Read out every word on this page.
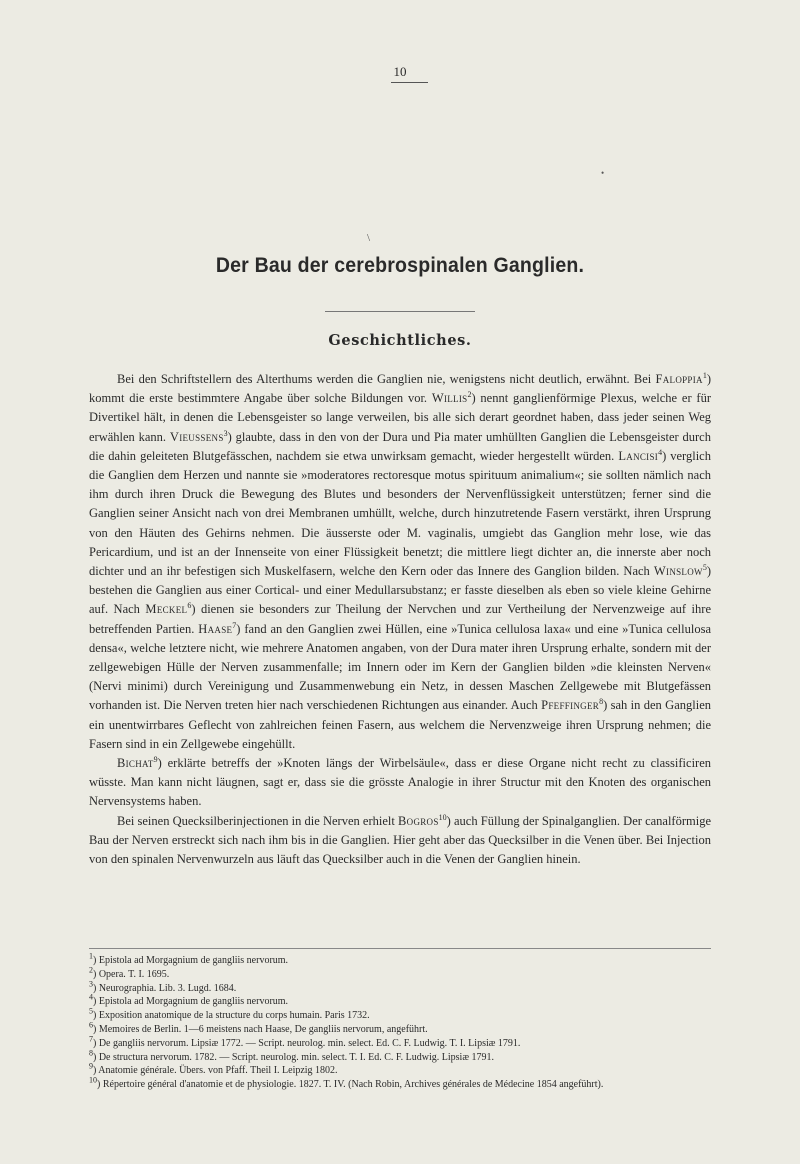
10
•
\
Der Bau der cerebrospinalen Ganglien.
Geschichtliches.

Bei den Schriftstellern des Alterthums werden die Ganglien nie, wenigstens nicht deutlich, erwähnt. Bei Faloppia$^1$) kommt die erste bestimmtere Angabe über solche Bildungen vor. Willis$^2$) nennt ganglienförmige Plexus, welche er für Divertikel hält, in denen die Lebensgeister so lange verweilen, bis alle sich derart geordnet haben, dass jeder seinen Weg erwählen kann. Vieussens$^3$) glaubte, dass in den von der Dura und Pia mater umhüllten Ganglien die Lebensgeister durch die dahin geleiteten Blutgefässchen, nachdem sie etwa unwirksam gemacht, wieder hergestellt würden. Lancisi$^4$) verglich die Ganglien dem Herzen und nannte sie »moderatores rectoresque motus spirituum animalium«; sie sollten nämlich nach ihm durch ihren Druck die Bewegung des Blutes und besonders der Nervenflüssigkeit unterstützen; ferner sind die Ganglien seiner Ansicht nach von drei Membranen umhüllt, welche, durch hinzutretende Fasern verstärkt, ihren Ursprung von den Häuten des Gehirns nehmen. Die äusserste oder M. vaginalis, umgiebt das Ganglion mehr lose, wie das Pericardium, und ist an der Innenseite von einer Flüssigkeit benetzt; die mittlere liegt dichter an, die innerste aber noch dichter und an ihr befestigen sich Muskelfasern, welche den Kern oder das Innere des Ganglion bilden. Nach Winslow$^5$) bestehen die Ganglien aus einer Cortical- und einer Medullarsubstanz; er fasste dieselben als eben so viele kleine Gehirne auf. Nach Meckel$^6$) dienen sie besonders zur Theilung der Nervchen und zur Vertheilung der Nervenzweige auf ihre betreffenden Partien. Haase$^7$) fand an den Ganglien zwei Hüllen, eine »Tunica cellulosa laxa« und eine »Tunica cellulosa densa«, welche letztere nicht, wie mehrere Anatomen angaben, von der Dura mater ihren Ursprung erhalte, sondern mit der zellgewebigen Hülle der Nerven zusammenfalle; im Innern oder im Kern der Ganglien bilden »die kleinsten Nerven« (Nervi minimi) durch Vereinigung und Zusammenwebung ein Netz, in dessen Maschen Zellgewebe mit Blutgefässen vorhanden ist. Die Nerven treten hier nach verschiedenen Richtungen aus einander. Auch Pfeffinger$^8$) sah in den Ganglien ein unentwirrbares Geflecht von zahlreichen feinen Fasern, aus welchem die Nervenzweige ihren Ursprung nehmen; die Fasern sind in ein Zellgewebe eingehüllt.

Bichat$^9$) erklärte betreffs der »Knoten längs der Wirbelsäule«, dass er diese Organe nicht recht zu classificiren wüsste. Man kann nicht läugnen, sagt er, dass sie die grösste Analogie in ihrer Structur mit den Knoten des organischen Nervensystems haben.

Bei seinen Quecksilberinjectionen in die Nerven erhielt Bogros$^{10}$) auch Füllung der Spinalganglien. Der canalförmige Bau der Nerven erstreckt sich nach ihm bis in die Ganglien. Hier geht aber das Quecksilber in die Venen über. Bei Injection von den spinalen Nervenwurzeln aus läuft das Quecksilber auch in die Venen der Ganglien hinein.

$^1$) Epistola ad Morgagnium de gangliis nervorum.
$^2$) Opera. T. I. 1695.
$^3$) Neurographia. Lib. 3. Lugd. 1684.
$^4$) Epistola ad Morgagnium de gangliis nervorum.
$^5$) Exposition anatomique de la structure du corps humain. Paris 1732.
$^6$) Memoires de Berlin. 1—6 meistens nach Haase, De gangliis nervorum, angeführt.
$^7$) De gangliis nervorum. Lipsiæ 1772. — Script. neurolog. min. select. Ed. C. F. Ludwig. T. I. Lipsiæ 1791.
$^8$) De structura nervorum. 1782. — Script. neurolog. min. select. T. I. Ed. C. F. Ludwig. Lipsiæ 1791.
$^9$) Anatomie générale. Übers. von Pfaff. Theil I. Leipzig 1802.
$^{10}$) Répertoire général d'anatomie et de physiologie. 1827. T. IV. (Nach Robin, Archives générales de Médecine 1854 angeführt).
